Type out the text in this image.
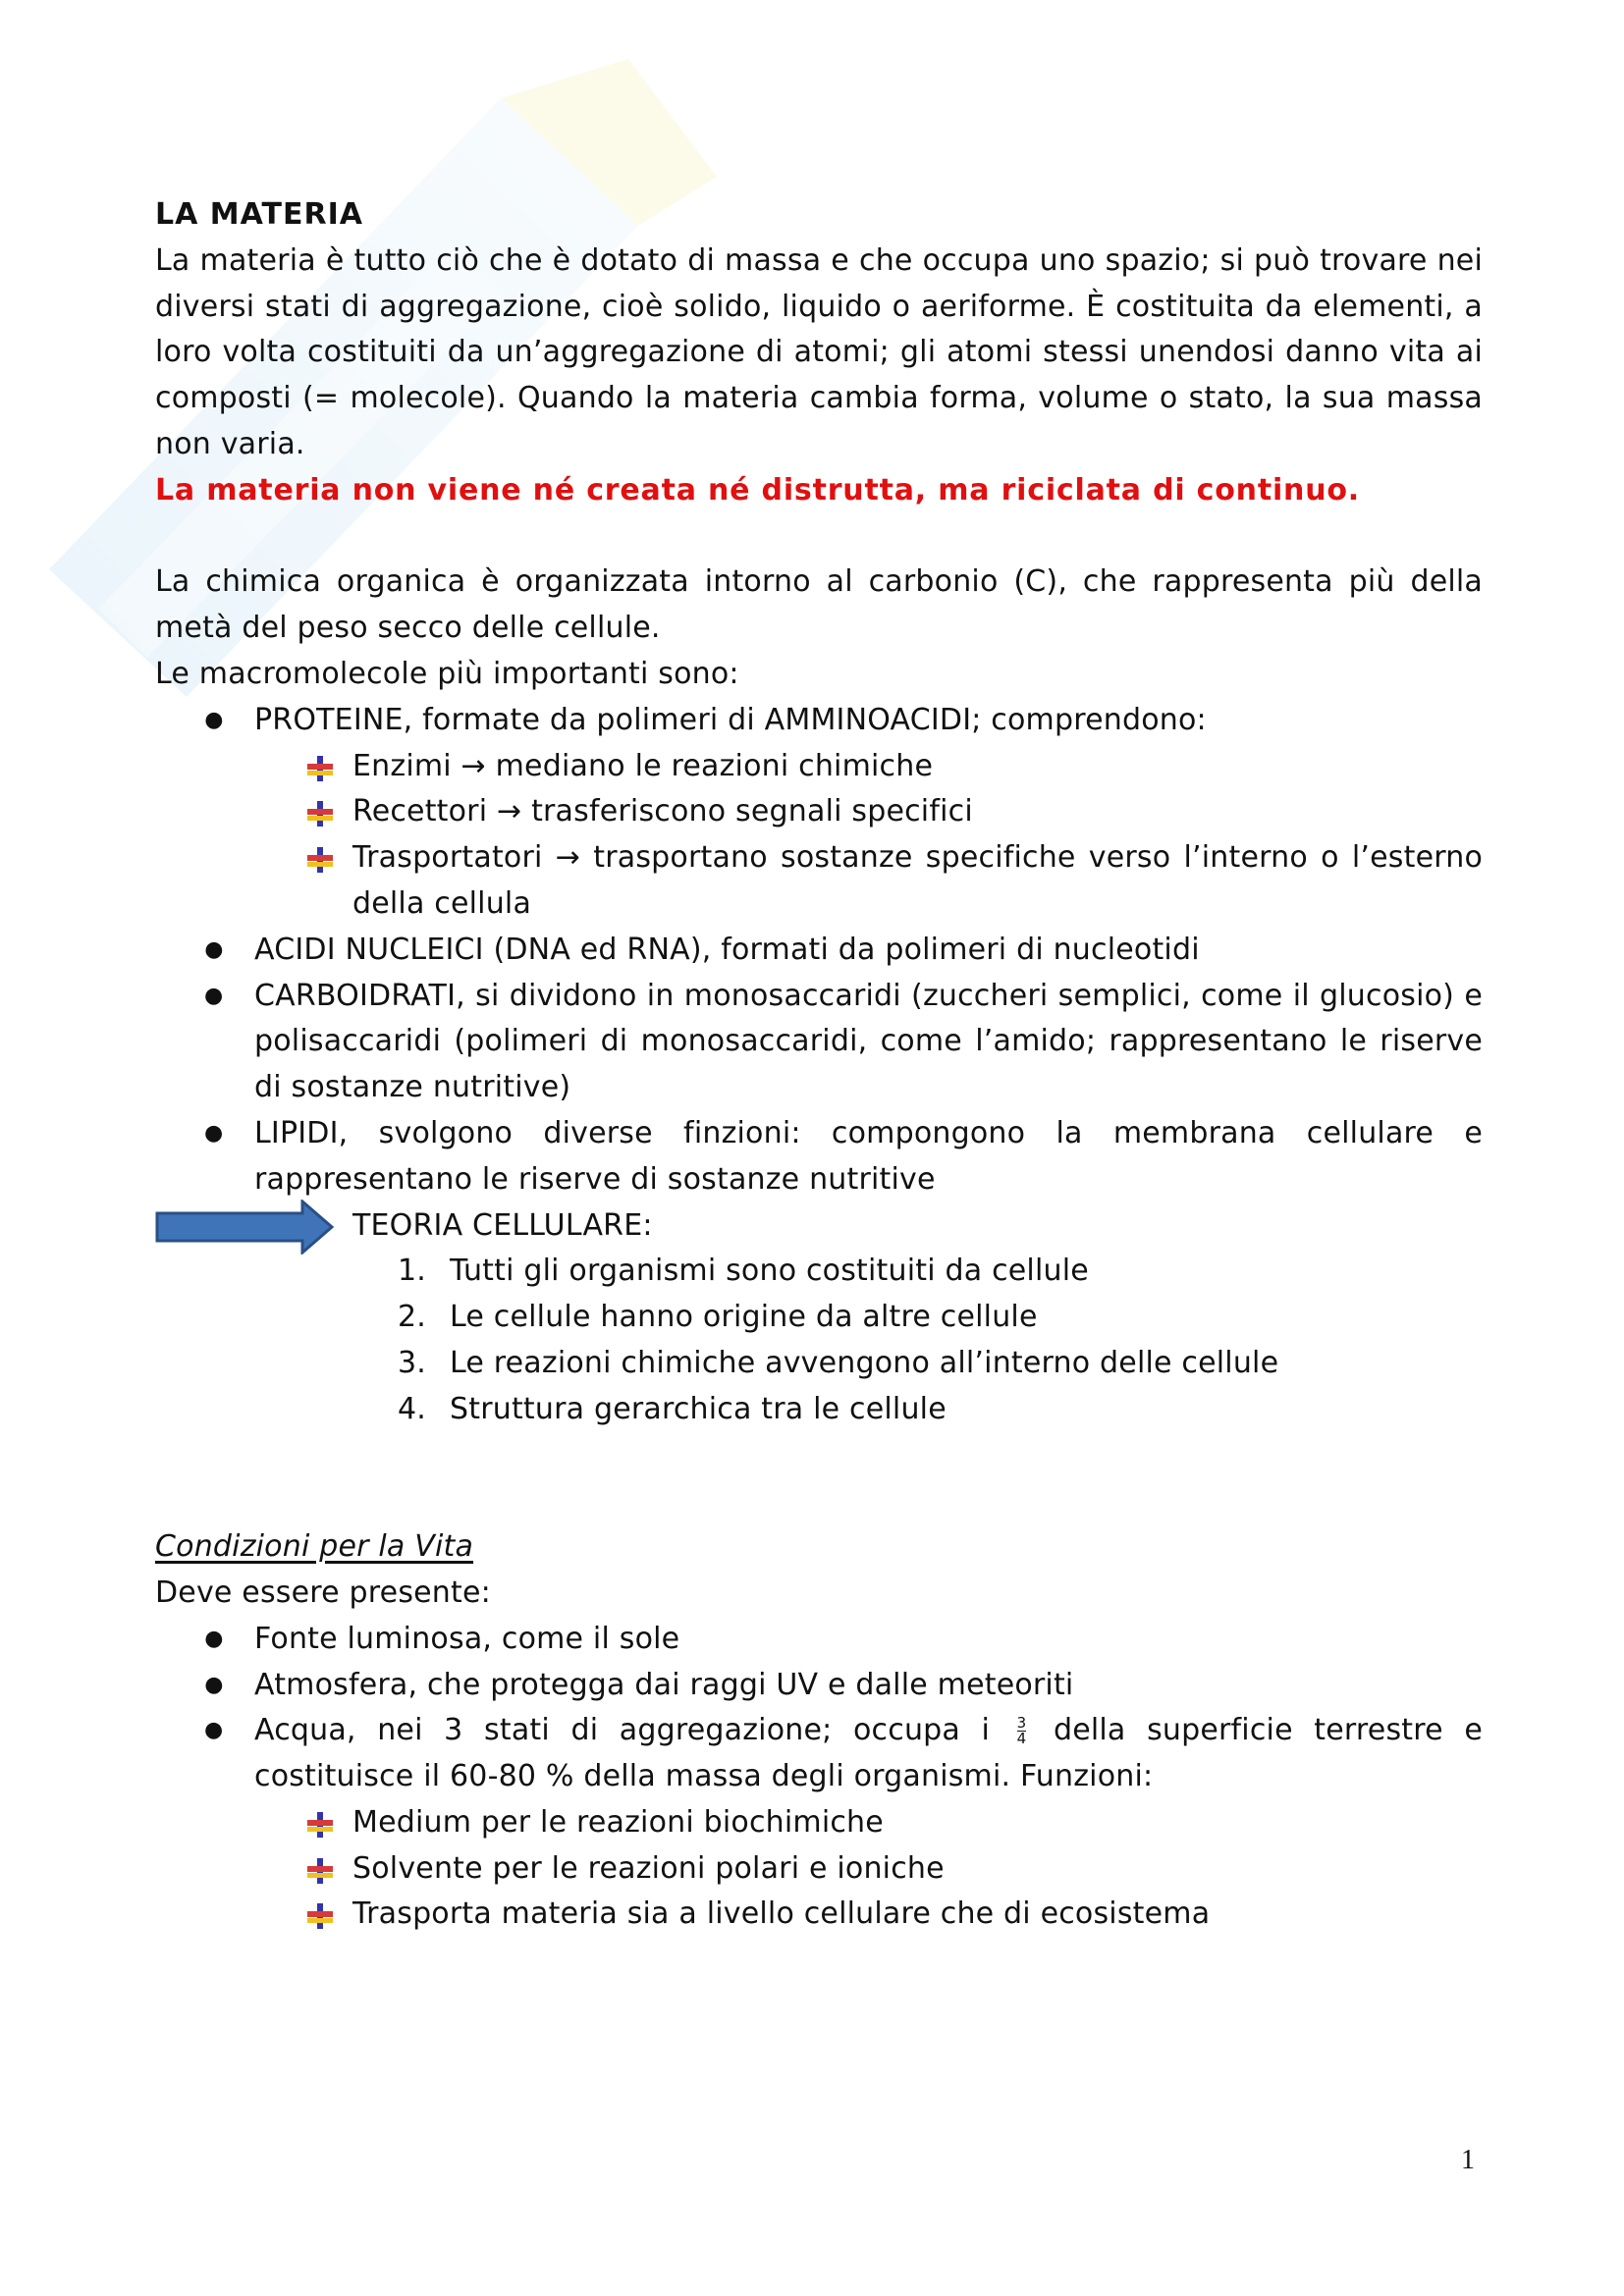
LA MATERIA

La materia è tutto ciò che è dotato di massa e che occupa uno spazio; si può trovare nei diversi stati di aggregazione, cioè solido, liquido o aeriforme. È costituita da elementi, a loro volta costituiti da un’aggregazione di atomi; gli atomi stessi unendosi danno vita ai composti (= molecole). Quando la materia cambia forma, volume o stato, la sua massa non varia.

La materia non viene né creata né distrutta, ma riciclata di continuo.

La chimica organica è organizzata intorno al carbonio (C), che rappresenta più della metà del peso secco delle cellule.

Le macromolecole più importanti sono:

● PROTEINE, formate da polimeri di AMMINOACIDI; comprendono:
Enzimi → mediano le reazioni chimiche
Recettori → trasferiscono segnali specifici
Trasportatori → trasportano sostanze specifiche verso l’interno o l’esterno della cellula
● ACIDI NUCLEICI (DNA ed RNA), formati da polimeri di nucleotidi
● CARBOIDRATI, si dividono in monosaccaridi (zuccheri semplici, come il glucosio) e polisaccaridi (polimeri di monosaccaridi, come l’amido; rappresentano le riserve di sostanze nutritive)
● LIPIDI, svolgono diverse finzioni: compongono la membrana cellulare e rappresentano le riserve di sostanze nutritive
TEORIA CELLULARE:
1. Tutti gli organismi sono costituiti da cellule
2. Le cellule hanno origine da altre cellule
3. Le reazioni chimiche avvengono all’interno delle cellule
4. Struttura gerarchica tra le cellule

Condizioni per la Vita

Deve essere presente:

● Fonte luminosa, come il sole
● Atmosfera, che protegga dai raggi UV e dalle meteoriti
● Acqua, nei 3 stati di aggregazione; occupa i $\frac{3}{4}$ della superficie terrestre e costituisce il 60-80 % della massa degli organismi. Funzioni:
Medium per le reazioni biochimiche
Solvente per le reazioni polari e ioniche
Trasporta materia sia a livello cellulare che di ecosistema
1
